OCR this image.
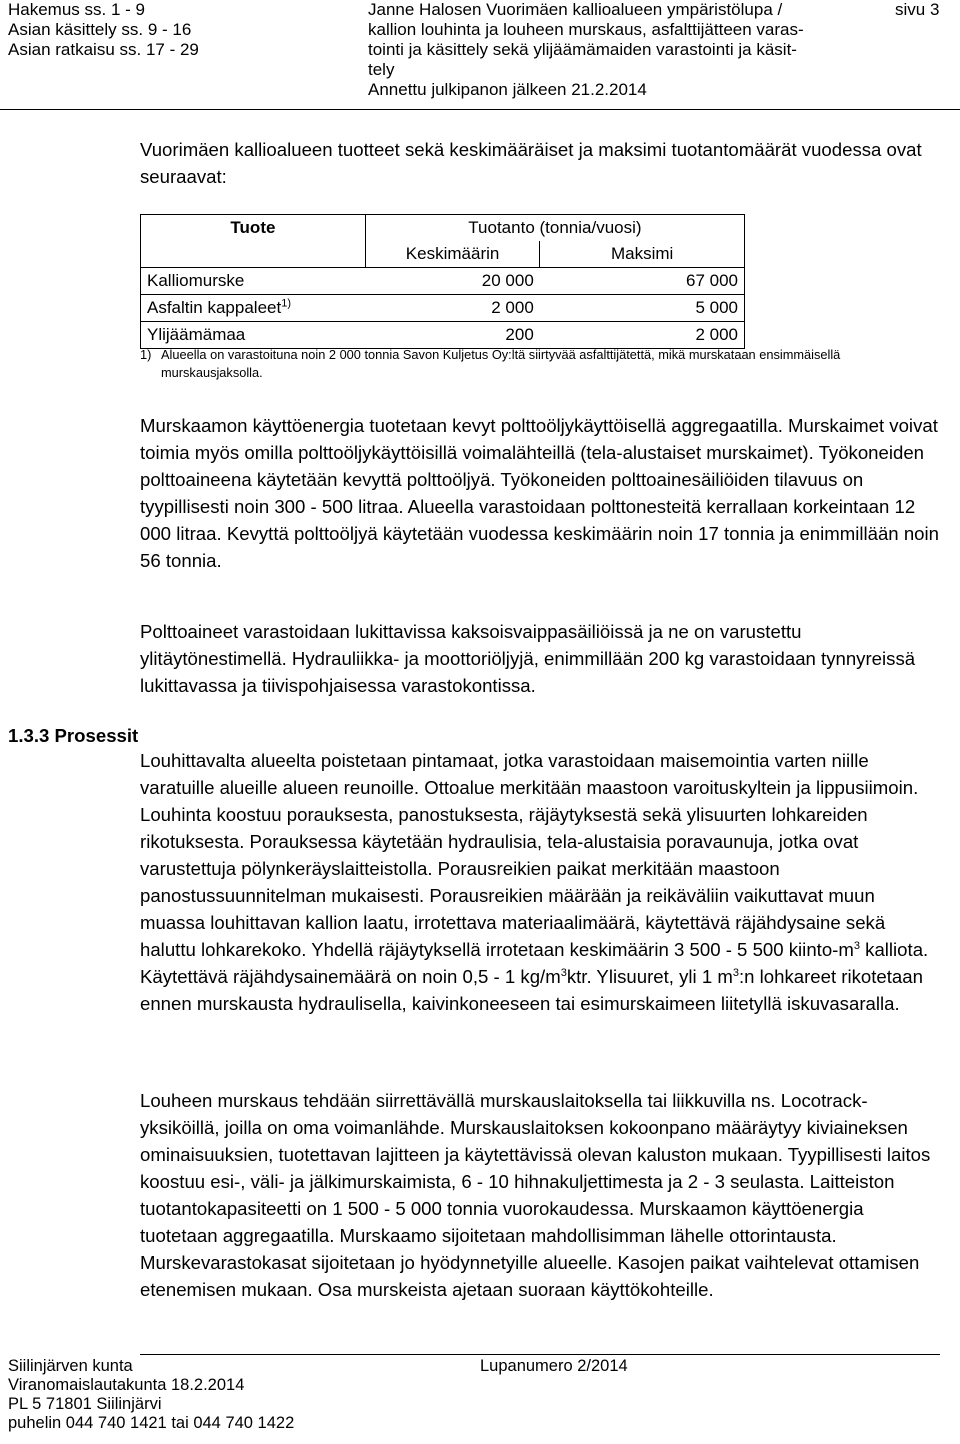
Hakemus ss. 1 - 9
Asian käsittely ss. 9 - 16
Asian ratkaisu ss. 17 - 29
Janne Halosen Vuorimäen kallioalueen ympäristölupa /
kallion louhinta ja louheen murskaus, asfalttijätteen varas-
tointi ja käsittely sekä ylijäämämaiden varastointi ja käsit-
tely
Annettu julkipanon jälkeen 21.2.2014
sivu 3

Vuorimäen kallioalueen tuotteet sekä keskimääräiset ja maksimi tuotantomäärät vuodessa ovat seuraavat:

Tuote	Tuotanto (tonnia/vuosi)	
	Keskimäärin	Maksimi
Kalliomurske	20 000	67 000
Asfaltin kappaleet$^{1)}$	2 000	5 000
Ylijäämämaa	200	2 000
1) Alueella on varastoituna noin 2 000 tonnia Savon Kuljetus Oy:ltä siirtyvää asfalttijätettä, mikä murskataan ensimmäisellä murskausjaksolla.

Murskaamon käyttöenergia tuotetaan kevyt polttoöljykäyttöisellä aggregaatilla. Murskaimet voivat toimia myös omilla polttoöljykäyttöisillä voimalähteillä (tela-alustaiset murskaimet). Työkoneiden polttoaineena käytetään kevyttä polttoöljyä. Työkoneiden polttoainesäiliöiden tilavuus on tyypillisesti noin 300 - 500 litraa. Alueella varastoidaan polttonesteitä kerrallaan korkeintaan 12 000 litraa. Kevyttä polttoöljyä käytetään vuodessa keskimäärin noin 17 tonnia ja enimmillään noin 56 tonnia.

Polttoaineet varastoidaan lukittavissa kaksoisvaippasäiliöissä ja ne on varustettu ylitäytönestimellä. Hydrauliikka- ja moottoriöljyjä, enimmillään 200 kg varastoidaan tynnyreissä lukittavassa ja tiivispohjaisessa varastokontissa.

1.3.3 Prosessit

Louhittavalta alueelta poistetaan pintamaat, jotka varastoidaan maisemointia varten niille varatuille alueille alueen reunoille. Ottoalue merkitään maastoon varoituskyltein ja lippusiimoin. Louhinta koostuu porauksesta, panostuksesta, räjäytyksestä sekä ylisuurten lohkareiden rikotuksesta. Porauksessa käytetään hydraulisia, tela-alustaisia poravaunuja, jotka ovat varustettuja pölynkeräyslaitteistolla. Porausreikien paikat merkitään maastoon panostussuunnitelman mukaisesti. Porausreikien määrään ja reikäväliin vaikuttavat muun muassa louhittavan kallion laatu, irrotettava materiaalimäärä, käytettävä räjähdysaine sekä haluttu lohkarekoko. Yhdellä räjäytyksellä irrotetaan keskimäärin 3 500 - 5 500 kiinto-$m^3$ kalliota. Käytettävä räjähdysainemäärä on noin 0,5 - 1 $kg/m^3ktr$. Ylisuuret, yli 1 $m^3:n$ lohkareet rikotetaan ennen murskausta hydraulisella, kaivinkoneeseen tai esimurskaimeen liitetyllä iskuvasaralla.

Louheen murskaus tehdään siirrettävällä murskauslaitoksella tai liikkuvilla ns. Locotrack-yksiköillä, joilla on oma voimanlähde. Murskauslaitoksen kokoonpano määräytyy kiviaineksen ominaisuuksien, tuotettavan lajitteen ja käytettävissä olevan kaluston mukaan. Tyypillisesti laitos koostuu esi-, väli- ja jälkimurskaimista, 6 - 10 hihnakuljettimesta ja 2 - 3 seulasta. Laitteiston tuotantokapasiteetti on 1 500 - 5 000 tonnia vuorokaudessa. Murskaamon käyttöenergia tuotetaan aggregaatilla. Murskaamo sijoitetaan mahdollisimman lähelle ottorintausta. Murskevarastokasat sijoitetaan jo hyödynnetyille alueelle. Kasojen paikat vaihtelevat ottamisen etenemisen mukaan. Osa murskeista ajetaan suoraan käyttökohteille.

Siilinjärven kunta
Viranomaislautakunta 18.2.2014
PL 5 71801 Siilinjärvi
puhelin 044 740 1421 tai 044 740 1422
Lupanumero 2/2014
